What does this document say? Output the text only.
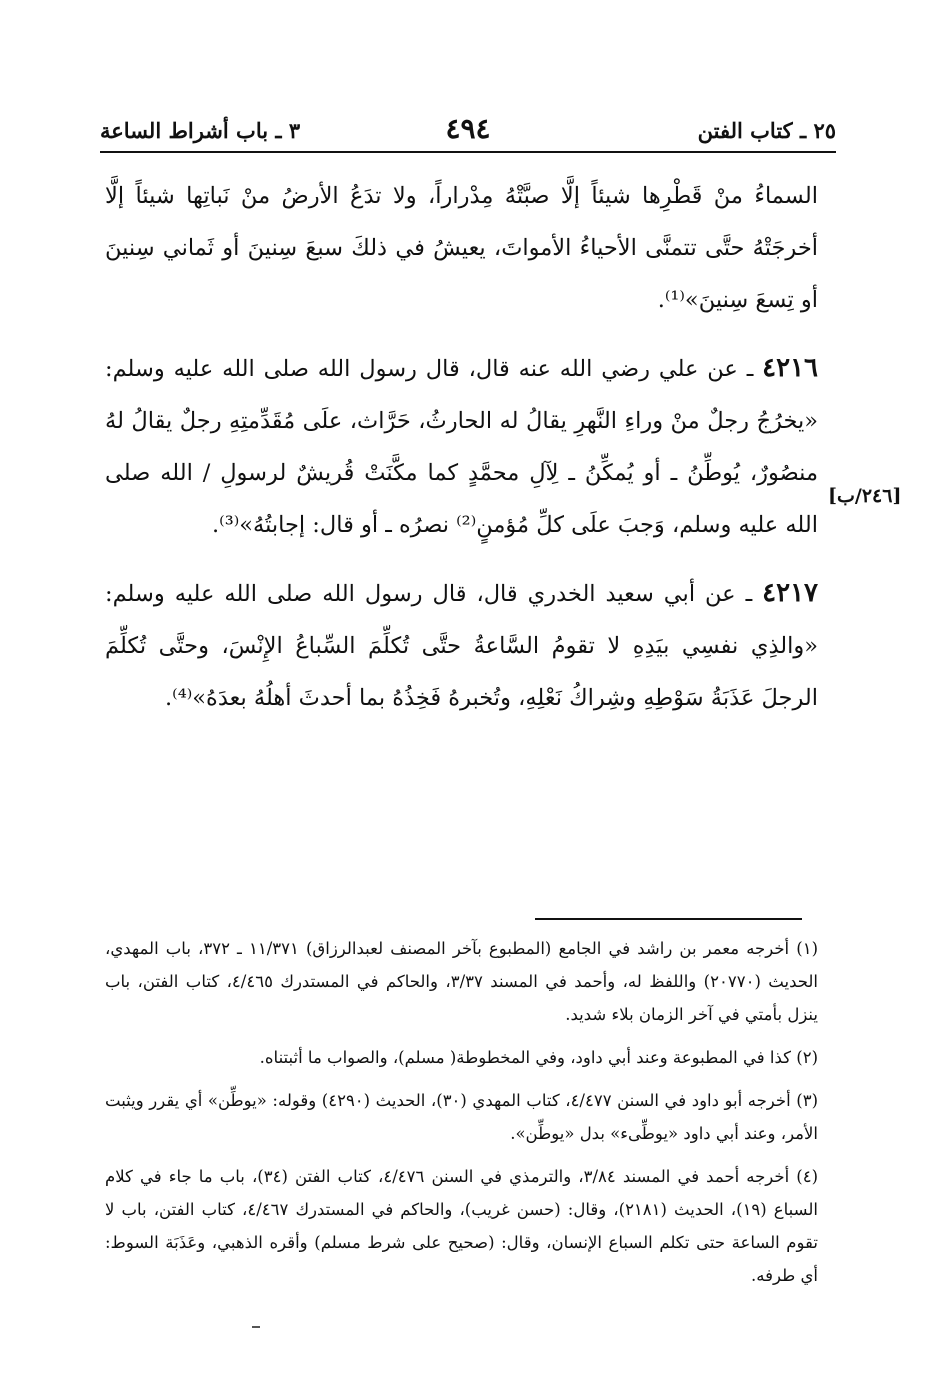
٢٥ ـ كتاب الفتن
٤٩٤
٣ ـ باب أشراط الساعة

السماءُ منْ قَطْرِها شيئاً إلَّا صبَّتْهُ مِدْراراً، ولا تدَعُ الأرضُ منْ نَباتِها شيئاً إلَّا أخرجَتْهُ حتَّى تتمنَّى الأحياءُ الأمواتَ، يعيشُ في ذلكَ سبعَ سِنينَ أو ثَماني سِنينَ أو تِسعَ سِنينَ»⁽¹⁾.

٤٢١٦ ـ عن علي رضي الله عنه قال، قال رسول الله صلى الله عليه وسلم: «يخرُجُ رجلٌ منْ وراءِ النَّهرِ يقالُ له الحارثُ، حَرَّاث، علَى مُقَدِّمتِهِ رجلٌ يقالُ لهُ منصُورٌ، يُوطِّنُ ـ أو يُمكِّنُ ـ لِآلِ محمَّدٍ كما مكَّنَتْ قُريشٌ لرسولِ / الله صلى الله عليه وسلم، وَجبَ علَى كلِّ مُؤمنٍ⁽²⁾ نصرُه ـ أو قال: إجابتُهُ»⁽³⁾.

٤٢١٧ ـ عن أبي سعيد الخدري قال، قال رسول الله صلى الله عليه وسلم: «والذِي نفسِي بيَدِهِ لا تقومُ السَّاعةُ حتَّى تُكلِّمَ السِّباعُ الإِنْسَ، وحتَّى تُكلِّمَ الرجلَ عَذَبَةُ سَوْطِهِ وشِراكُ نَعْلِهِ، وتُخبرهُ فَخِذُهُ بما أحدثَ أهلُهُ بعدَهُ»⁽⁴⁾.

[٢٤٦/ب]

(١) أخرجه معمر بن راشد في الجامع (المطبوع بآخر المصنف لعبدالرزاق) ١١/٣٧١ ـ ٣٧٢، باب المهدي، الحديث (٢٠٧٧٠) واللفظ له، وأحمد في المسند ٣/٣٧، والحاكم في المستدرك ٤/٤٦٥، كتاب الفتن، باب ينزل بأمتي في آخر الزمان بلاء شديد.

(٢) كذا في المطبوعة وعند أبي داود، وفي المخطوطة( مسلم)، والصواب ما أثبتناه.

(٣) أخرجه أبو داود في السنن ٤/٤٧٧، كتاب المهدي (٣٠)، الحديث (٤٢٩٠) وقوله: «يوطِّن» أي يقرر ويثبت الأمر، وعند أبي داود «يوطِّىء» بدل «يوطِّن».

(٤) أخرجه أحمد في المسند ٣/٨٤، والترمذي في السنن ٤/٤٧٦، كتاب الفتن (٣٤)، باب ما جاء في كلام السباع (١٩)، الحديث (٢١٨١)، وقال: (حسن غريب)، والحاكم في المستدرك ٤/٤٦٧، كتاب الفتن، باب لا تقوم الساعة حتى تكلم السباع الإنسان، وقال: (صحيح على شرط مسلم) وأقره الذهبي، وعَذَبَة السوط: أي طرفه.
